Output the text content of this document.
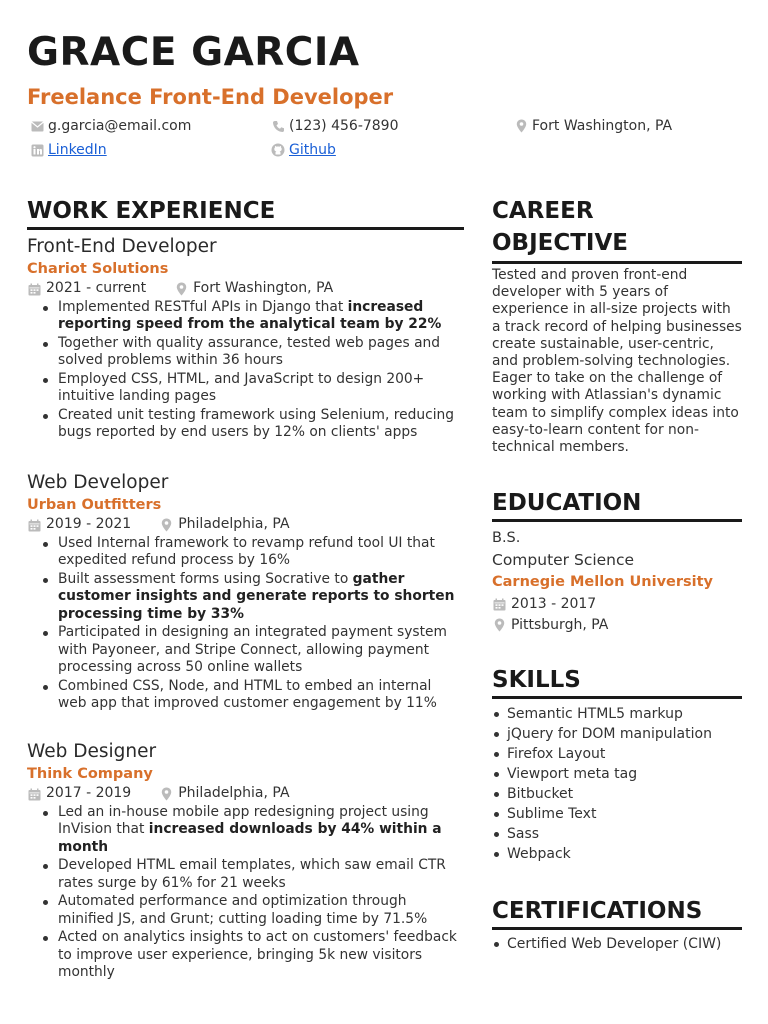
GRACE GARCIA
Freelance Front-End Developer
g.garcia@email.com	(123) 456-7890	Fort Washington, PA
LinkedIn	Github
WORK EXPERIENCE
Front-End Developer
Chariot Solutions
2021 - current	Fort Washington, PA
Implemented RESTful APIs in Django that increased reporting speed from the analytical team by 22%
Together with quality assurance, tested web pages and solved problems within 36 hours
Employed CSS, HTML, and JavaScript to design 200+ intuitive landing pages
Created unit testing framework using Selenium, reducing bugs reported by end users by 12% on clients' apps
Web Developer
Urban Outfitters
2019 - 2021	Philadelphia, PA
Used Internal framework to revamp refund tool UI that expedited refund process by 16%
Built assessment forms using Socrative to gather customer insights and generate reports to shorten processing time by 33%
Participated in designing an integrated payment system with Payoneer, and Stripe Connect, allowing payment processing across 50 online wallets
Combined CSS, Node, and HTML to embed an internal web app that improved customer engagement by 11%
Web Designer
Think Company
2017 - 2019	Philadelphia, PA
Led an in-house mobile app redesigning project using InVision that increased downloads by 44% within a month
Developed HTML email templates, which saw email CTR rates surge by 61% for 21 weeks
Automated performance and optimization through minified JS, and Grunt; cutting loading time by 71.5%
Acted on analytics insights to act on customers' feedback to improve user experience, bringing 5k new visitors monthly
CAREER
OBJECTIVE
Tested and proven front-end developer with 5 years of experience in all-size projects with a track record of helping businesses create sustainable, user-centric, and problem-solving technologies. Eager to take on the challenge of working with Atlassian's dynamic team to simplify complex ideas into easy-to-learn content for non-technical members.
EDUCATION
B.S.
Computer Science
Carnegie Mellon University
2013 - 2017
Pittsburgh, PA
SKILLS
Semantic HTML5 markup
jQuery for DOM manipulation
Firefox Layout
Viewport meta tag
Bitbucket
Sublime Text
Sass
Webpack
CERTIFICATIONS
Certified Web Developer (CIW)
